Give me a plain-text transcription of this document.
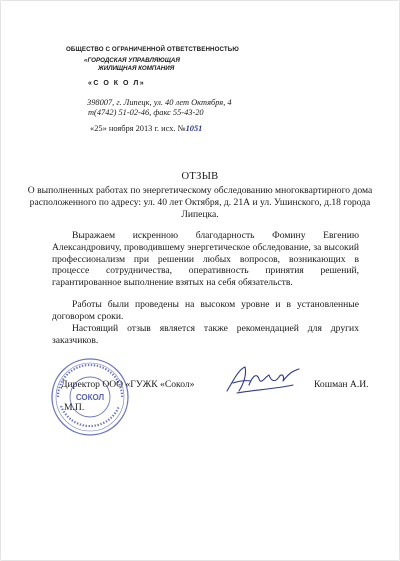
ОБЩЕСТВО С ОГРАНИЧЕННОЙ ОТВЕТСТВЕННОСТЬЮ
«ГОРОДСКАЯ УПРАВЛЯЮЩАЯ
ЖИЛИЩНАЯ КОМПАНИЯ
«С О К О Л»
398007, г. Липецк, ул. 40 лет Октября, 4
т(4742) 51-02-46, факс 55-43-20
«25» ноября 2013 г. исх. №1051
ОТЗЫВ
О выполненных работах по энергетическому обследованию многоквартирного дома расположенного по адресу: ул. 40 лет Октября, д. 21А и ул. Ушинского, д.18 города Липецка.

Выражаем искренною благодарность Фомину Евгению Александровичу, проводившему энергетическое обследование, за высокий профессионализм при решении любых вопросов, возникающих в процессе сотрудничества, оперативность принятия решений, гарантированное выполнение взятых на себя обязательств.

Работы были проведены на высоком уровне и в установленные договором сроки.

Настоящий отзыв является также рекомендацией для других заказчиков.

СОКОЛ
Директор ООО «ГУЖК «Сокол»
М.П.
Кошман А.И.
